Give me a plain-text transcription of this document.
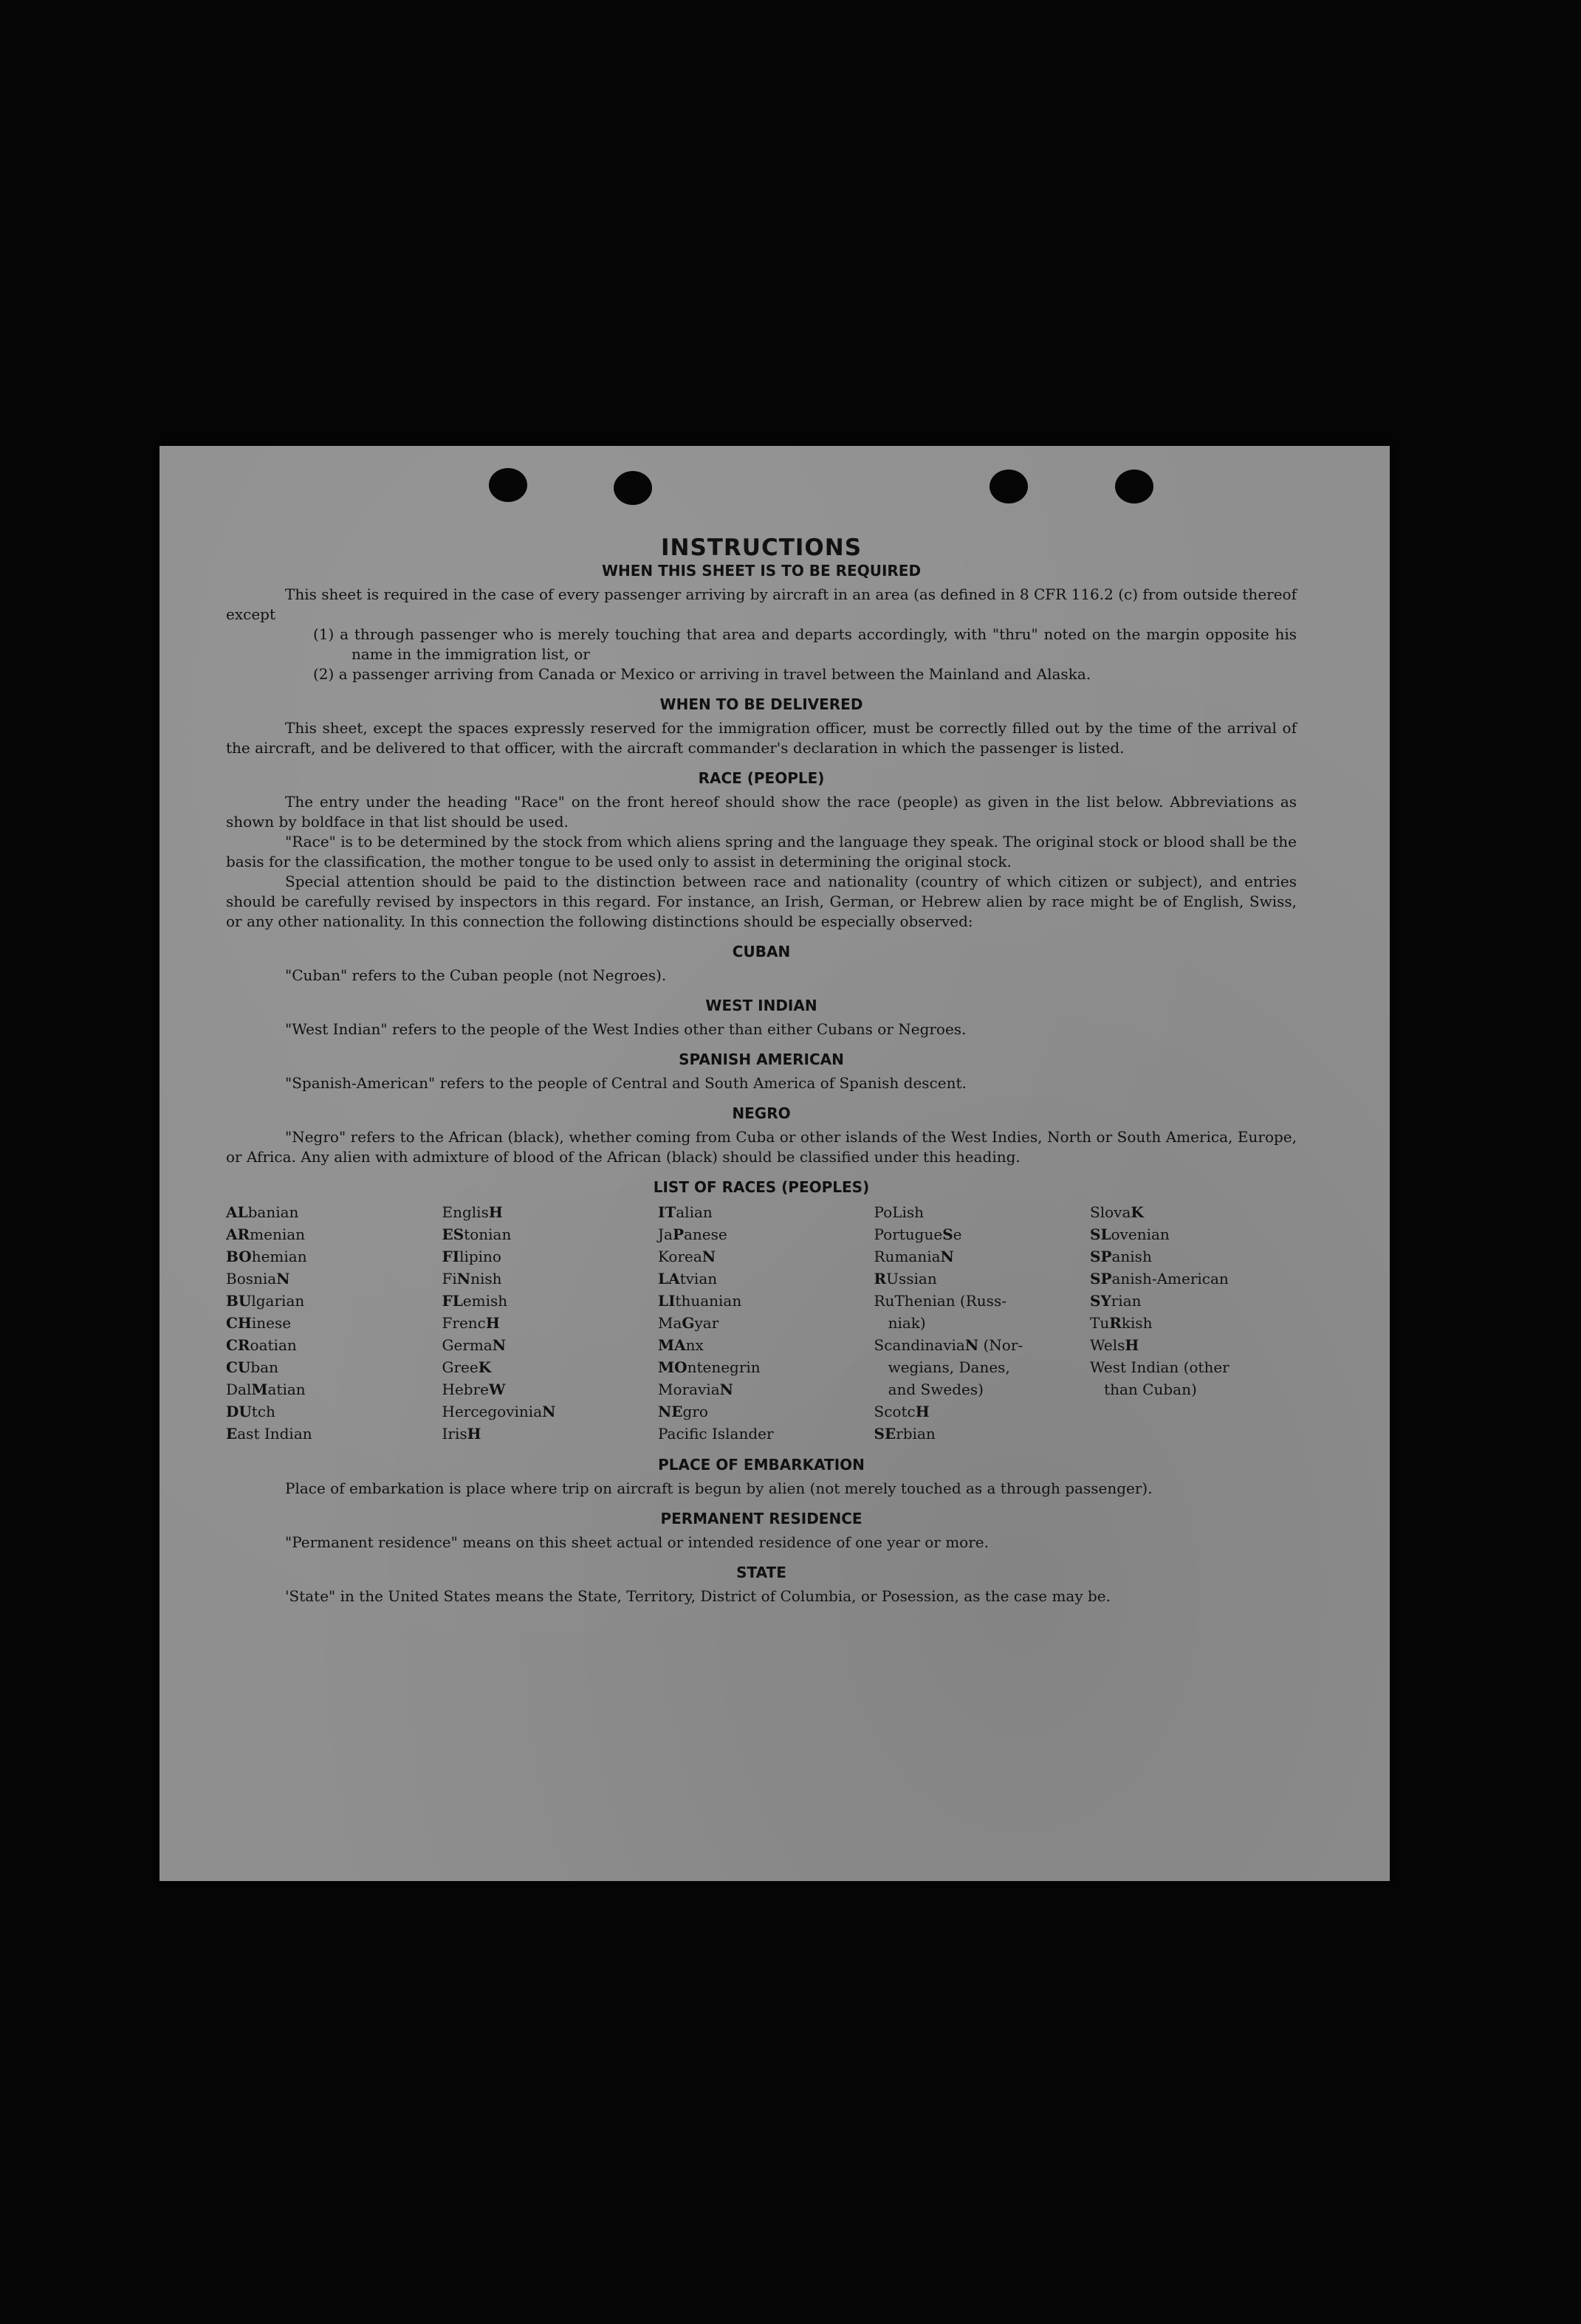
INSTRUCTIONS
WHEN THIS SHEET IS TO BE REQUIRED

This sheet is required in the case of every passenger arriving by aircraft in an area (as defined in 8 CFR 116.2 (c) from outside thereof except

(1) a through passenger who is merely touching that area and departs accordingly, with "thru" noted on the margin opposite his name in the immigration list, or

(2) a passenger arriving from Canada or Mexico or arriving in travel between the Mainland and Alaska.

WHEN TO BE DELIVERED

This sheet, except the spaces expressly reserved for the immigration officer, must be correctly filled out by the time of the arrival of the aircraft, and be delivered to that officer, with the aircraft commander's declaration in which the passenger is listed.

RACE (PEOPLE)

The entry under the heading "Race" on the front hereof should show the race (people) as given in the list below. Abbreviations as shown by boldface in that list should be used.

"Race" is to be determined by the stock from which aliens spring and the language they speak. The original stock or blood shall be the basis for the classification, the mother tongue to be used only to assist in determining the original stock.

Special attention should be paid to the distinction between race and nationality (country of which citizen or subject), and entries should be carefully revised by inspectors in this regard. For instance, an Irish, German, or Hebrew alien by race might be of English, Swiss, or any other nationality. In this connection the following distinctions should be especially observed:

CUBAN

"Cuban" refers to the Cuban people (not Negroes).

WEST INDIAN

"West Indian" refers to the people of the West Indies other than either Cubans or Negroes.

SPANISH AMERICAN

"Spanish-American" refers to the people of Central and South America of Spanish descent.

NEGRO

"Negro" refers to the African (black), whether coming from Cuba or other islands of the West Indies, North or South America, Europe, or Africa. Any alien with admixture of blood of the African (black) should be classified under this heading.

LIST OF RACES (PEOPLES)
ALbanian
ARmenian
BOhemian
BosniaN
BUlgarian
CHinese
CRoatian
CUban
DalMatian
DUtch
East Indian
EnglisH
EStonian
FIlipino
FiNnish
FLemish
FrencH
GermaN
GreeK
HebreW
HercegoviniaN
IrisH
ITalian
JaPanese
KoreaN
LAtvian
LIthuanian
MaGyar
MAnx
MOntenegrin
MoraviaN
NEgro
Pacific Islander
PoLish
PortugueSe
RumaniaN
RUssian
RuThenian (Russ-
niak)
ScandinaviaN (Nor-
wegians, Danes,
and Swedes)
ScotcH
SErbian
SlovaK
SLovenian
SPanish
SPanish-American
SYrian
TuRkish
WelsH
West Indian (other
than Cuban)
PLACE OF EMBARKATION

Place of embarkation is place where trip on aircraft is begun by alien (not merely touched as a through passenger).

PERMANENT RESIDENCE

"Permanent residence" means on this sheet actual or intended residence of one year or more.

STATE

'State" in the United States means the State, Territory, District of Columbia, or Posession, as the case may be.
